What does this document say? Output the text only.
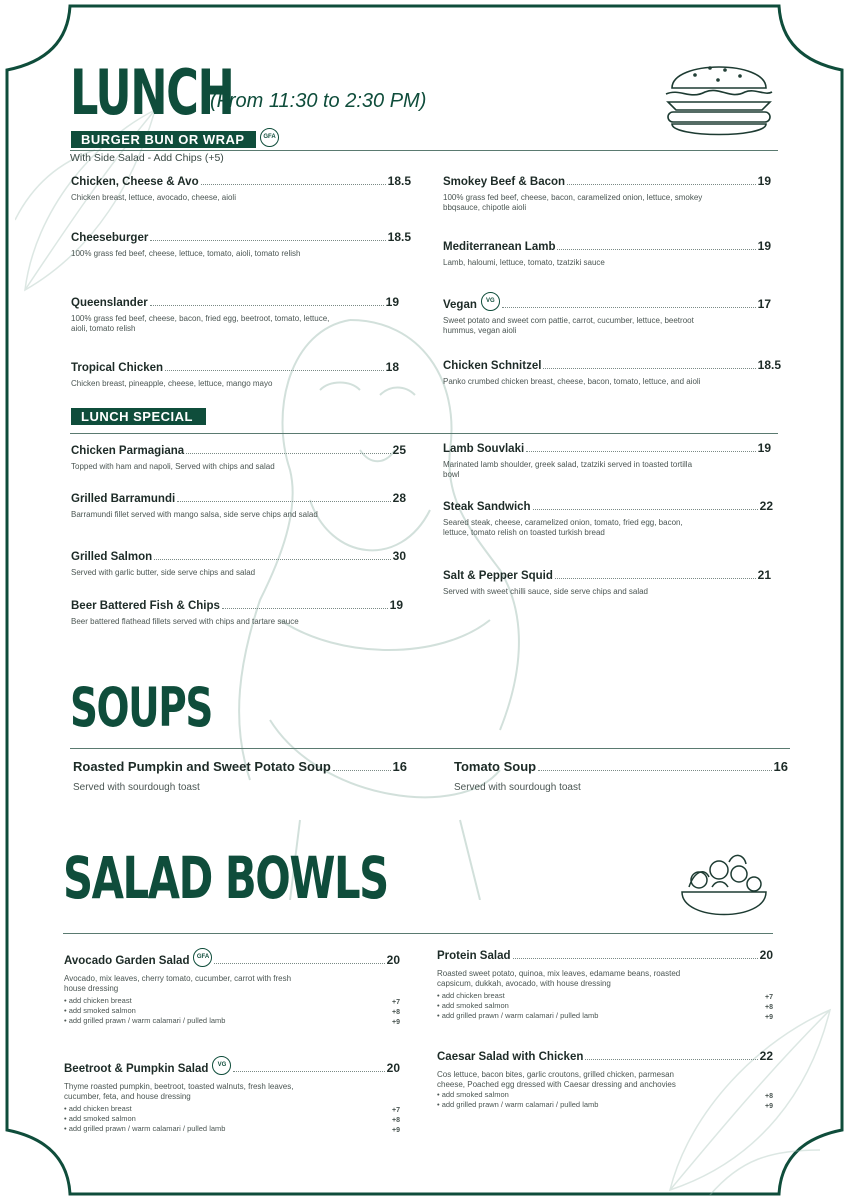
LUNCH
(From 11:30 to 2:30 PM)
BURGER BUN OR WRAP	GFA
With Side Salad - Add Chips (+5)
Chicken, Cheese & Avo	18.5
Chicken breast, lettuce, avocado, cheese, aioli
Cheeseburger	18.5
100% grass fed beef, cheese, lettuce, tomato, aioli, tomato relish
Queenslander	19
100% grass fed beef, cheese, bacon, fried egg, beetroot, tomato, lettuce, aioli, tomato relish
Tropical Chicken	18
Chicken breast, pineapple, cheese, lettuce, mango mayo
Smokey Beef & Bacon	19
100% grass fed beef, cheese, bacon, caramelized onion, lettuce, smokey bbqsauce, chipotle aioli
Mediterranean Lamb	19
Lamb, haloumi, lettuce, tomato, tzatziki sauce
Vegan	VG	17
Sweet potato and sweet corn pattie, carrot, cucumber, lettuce, beetroot hummus, vegan aioli
Chicken Schnitzel	18.5
Panko crumbed chicken breast, cheese, bacon, tomato, lettuce, and aioli
LUNCH SPECIAL
Chicken Parmagiana	25
Topped with ham and napoli, Served with chips and salad
Grilled Barramundi	28
Barramundi fillet served with mango salsa, side serve chips and salad
Grilled Salmon	30
Served with garlic butter, side serve chips and salad
Beer Battered Fish & Chips	19
Beer battered flathead fillets served with chips and tartare sauce
Lamb Souvlaki	19
Marinated lamb shoulder, greek salad, tzatziki served in toasted tortilla bowl
Steak Sandwich	22
Seared steak, cheese, caramelized onion, tomato, fried egg, bacon, lettuce, tomato relish on toasted turkish bread
Salt & Pepper Squid	21
Served with sweet chilli sauce, side serve chips and salad
SOUPS
Roasted Pumpkin and Sweet Potato Soup	16
Served with sourdough toast
Tomato Soup	16
Served with sourdough toast
SALAD BOWLS
Avocado Garden Salad	GFA	20
Avocado, mix leaves, cherry tomato, cucumber, carrot with fresh house dressing
• add chicken breast	+7
• add smoked salmon	+8
• add grilled prawn / warm calamari / pulled lamb	+9
Protein Salad	20
Roasted sweet potato, quinoa, mix leaves, edamame beans, roasted capsicum, dukkah, avocado, with house dressing
• add chicken breast	+7
• add smoked salmon	+8
• add grilled prawn / warm calamari / pulled lamb	+9
Beetroot & Pumpkin Salad	VG	20
Thyme roasted pumpkin, beetroot, toasted walnuts, fresh leaves, cucumber, feta, and house dressing
• add chicken breast	+7
• add smoked salmon	+8
• add grilled prawn / warm calamari / pulled lamb	+9
Caesar Salad with Chicken	22
Cos lettuce, bacon bites, garlic croutons, grilled chicken, parmesan cheese, Poached egg dressed with Caesar dressing and anchovies
• add smoked salmon	+8
• add grilled prawn / warm calamari / pulled lamb	+9
